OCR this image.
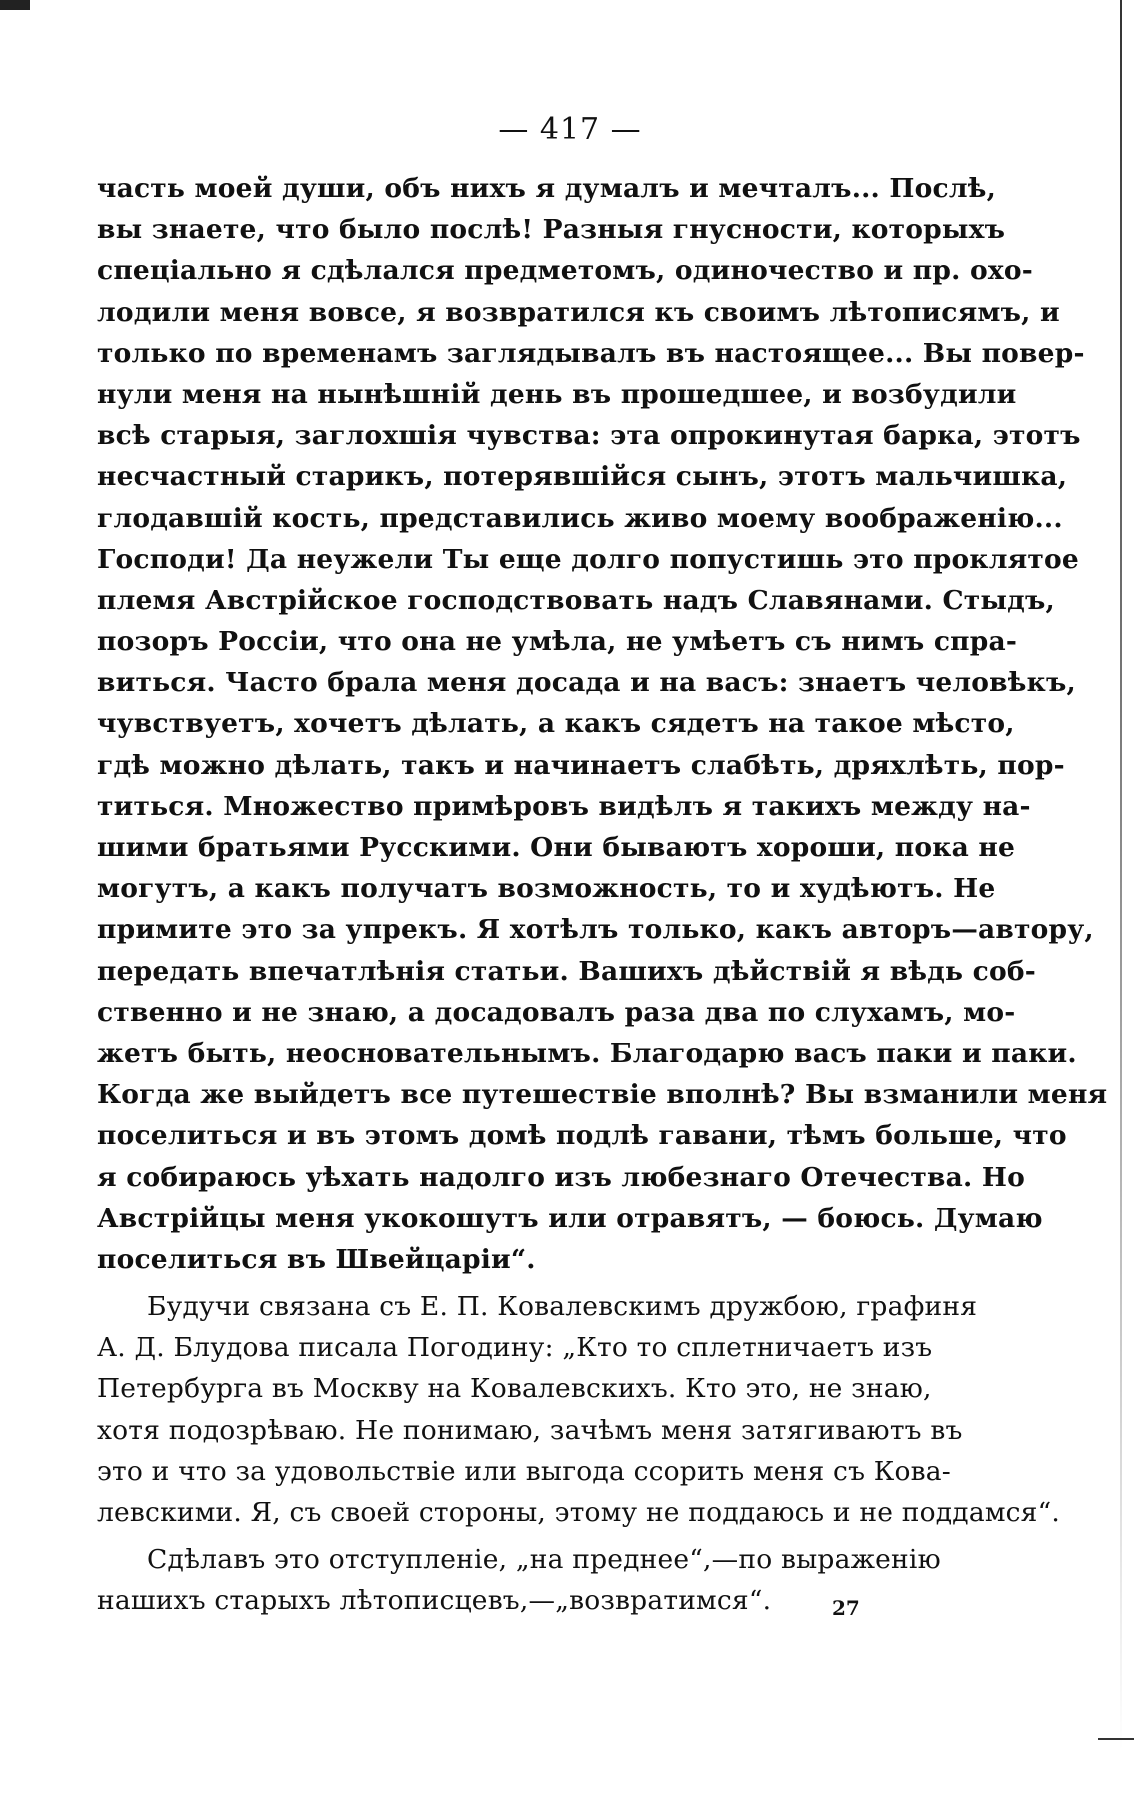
— 417 —
часть моей души, объ нихъ я думалъ и мечталъ... Послѣ,
вы знаете, что было послѣ! Разныя гнусности, которыхъ
спеціально я сдѣлался предметомъ, одиночество и пр. охо-
лодили меня вовсе, я возвратился къ своимъ лѣтописямъ, и
только по временамъ заглядывалъ въ настоящее... Вы повер-
нули меня на нынѣшній день въ прошедшее, и возбудили
всѣ старыя, заглохшія чувства: эта опрокинутая барка, этотъ
несчастный старикъ, потерявшійся сынъ, этотъ мальчишка,
глодавшій кость, представились живо моему воображенію...
Господи! Да неужели Ты еще долго попустишь это проклятое
племя Австрійское господствовать надъ Славянами. Стыдъ,
позоръ Россіи, что она не умѣла, не умѣетъ съ нимъ спра-
виться. Часто брала меня досада и на васъ: знаетъ человѣкъ,
чувствуетъ, хочетъ дѣлать, а какъ сядетъ на такое мѣсто,
гдѣ можно дѣлать, такъ и начинаетъ слабѣть, дряхлѣть, пор-
титься. Множество примѣровъ видѣлъ я такихъ между на-
шими братьями Русскими. Они бываютъ хороши, пока не
могутъ, а какъ получатъ возможность, то и худѣютъ. Не
примите это за упрекъ. Я хотѣлъ только, какъ авторъ—автору,
передать впечатлѣнія статьи. Вашихъ дѣйствій я вѣдь соб-
ственно и не знаю, а досадовалъ раза два по слухамъ, мо-
жетъ быть, неосновательнымъ. Благодарю васъ паки и паки.
Когда же выйдетъ все путешествіе вполнѣ? Вы взманили меня
поселиться и въ этомъ домѣ подлѣ гавани, тѣмъ больше, что
я собираюсь уѣхать надолго изъ любезнаго Отечества. Но
Австрійцы меня укокошутъ или отравятъ, — боюсь. Думаю
поселиться въ Швейцаріи“.
Будучи связана съ Е. П. Ковалевскимъ дружбою, графиня
А. Д. Блудова писала Погодину: „Кто то сплетничаетъ изъ
Петербурга въ Москву на Ковалевскихъ. Кто это, не знаю,
хотя подозрѣваю. Не понимаю, зачѣмъ меня затягиваютъ въ
это и что за удовольствіе или выгода ссорить меня съ Кова-
левскими. Я, съ своей стороны, этому не поддаюсь и не поддамся“.
Сдѣлавъ это отступленіе, „на преднее“,—по выраженію
нашихъ старыхъ лѣтописцевъ,—„возвратимся“.	27
